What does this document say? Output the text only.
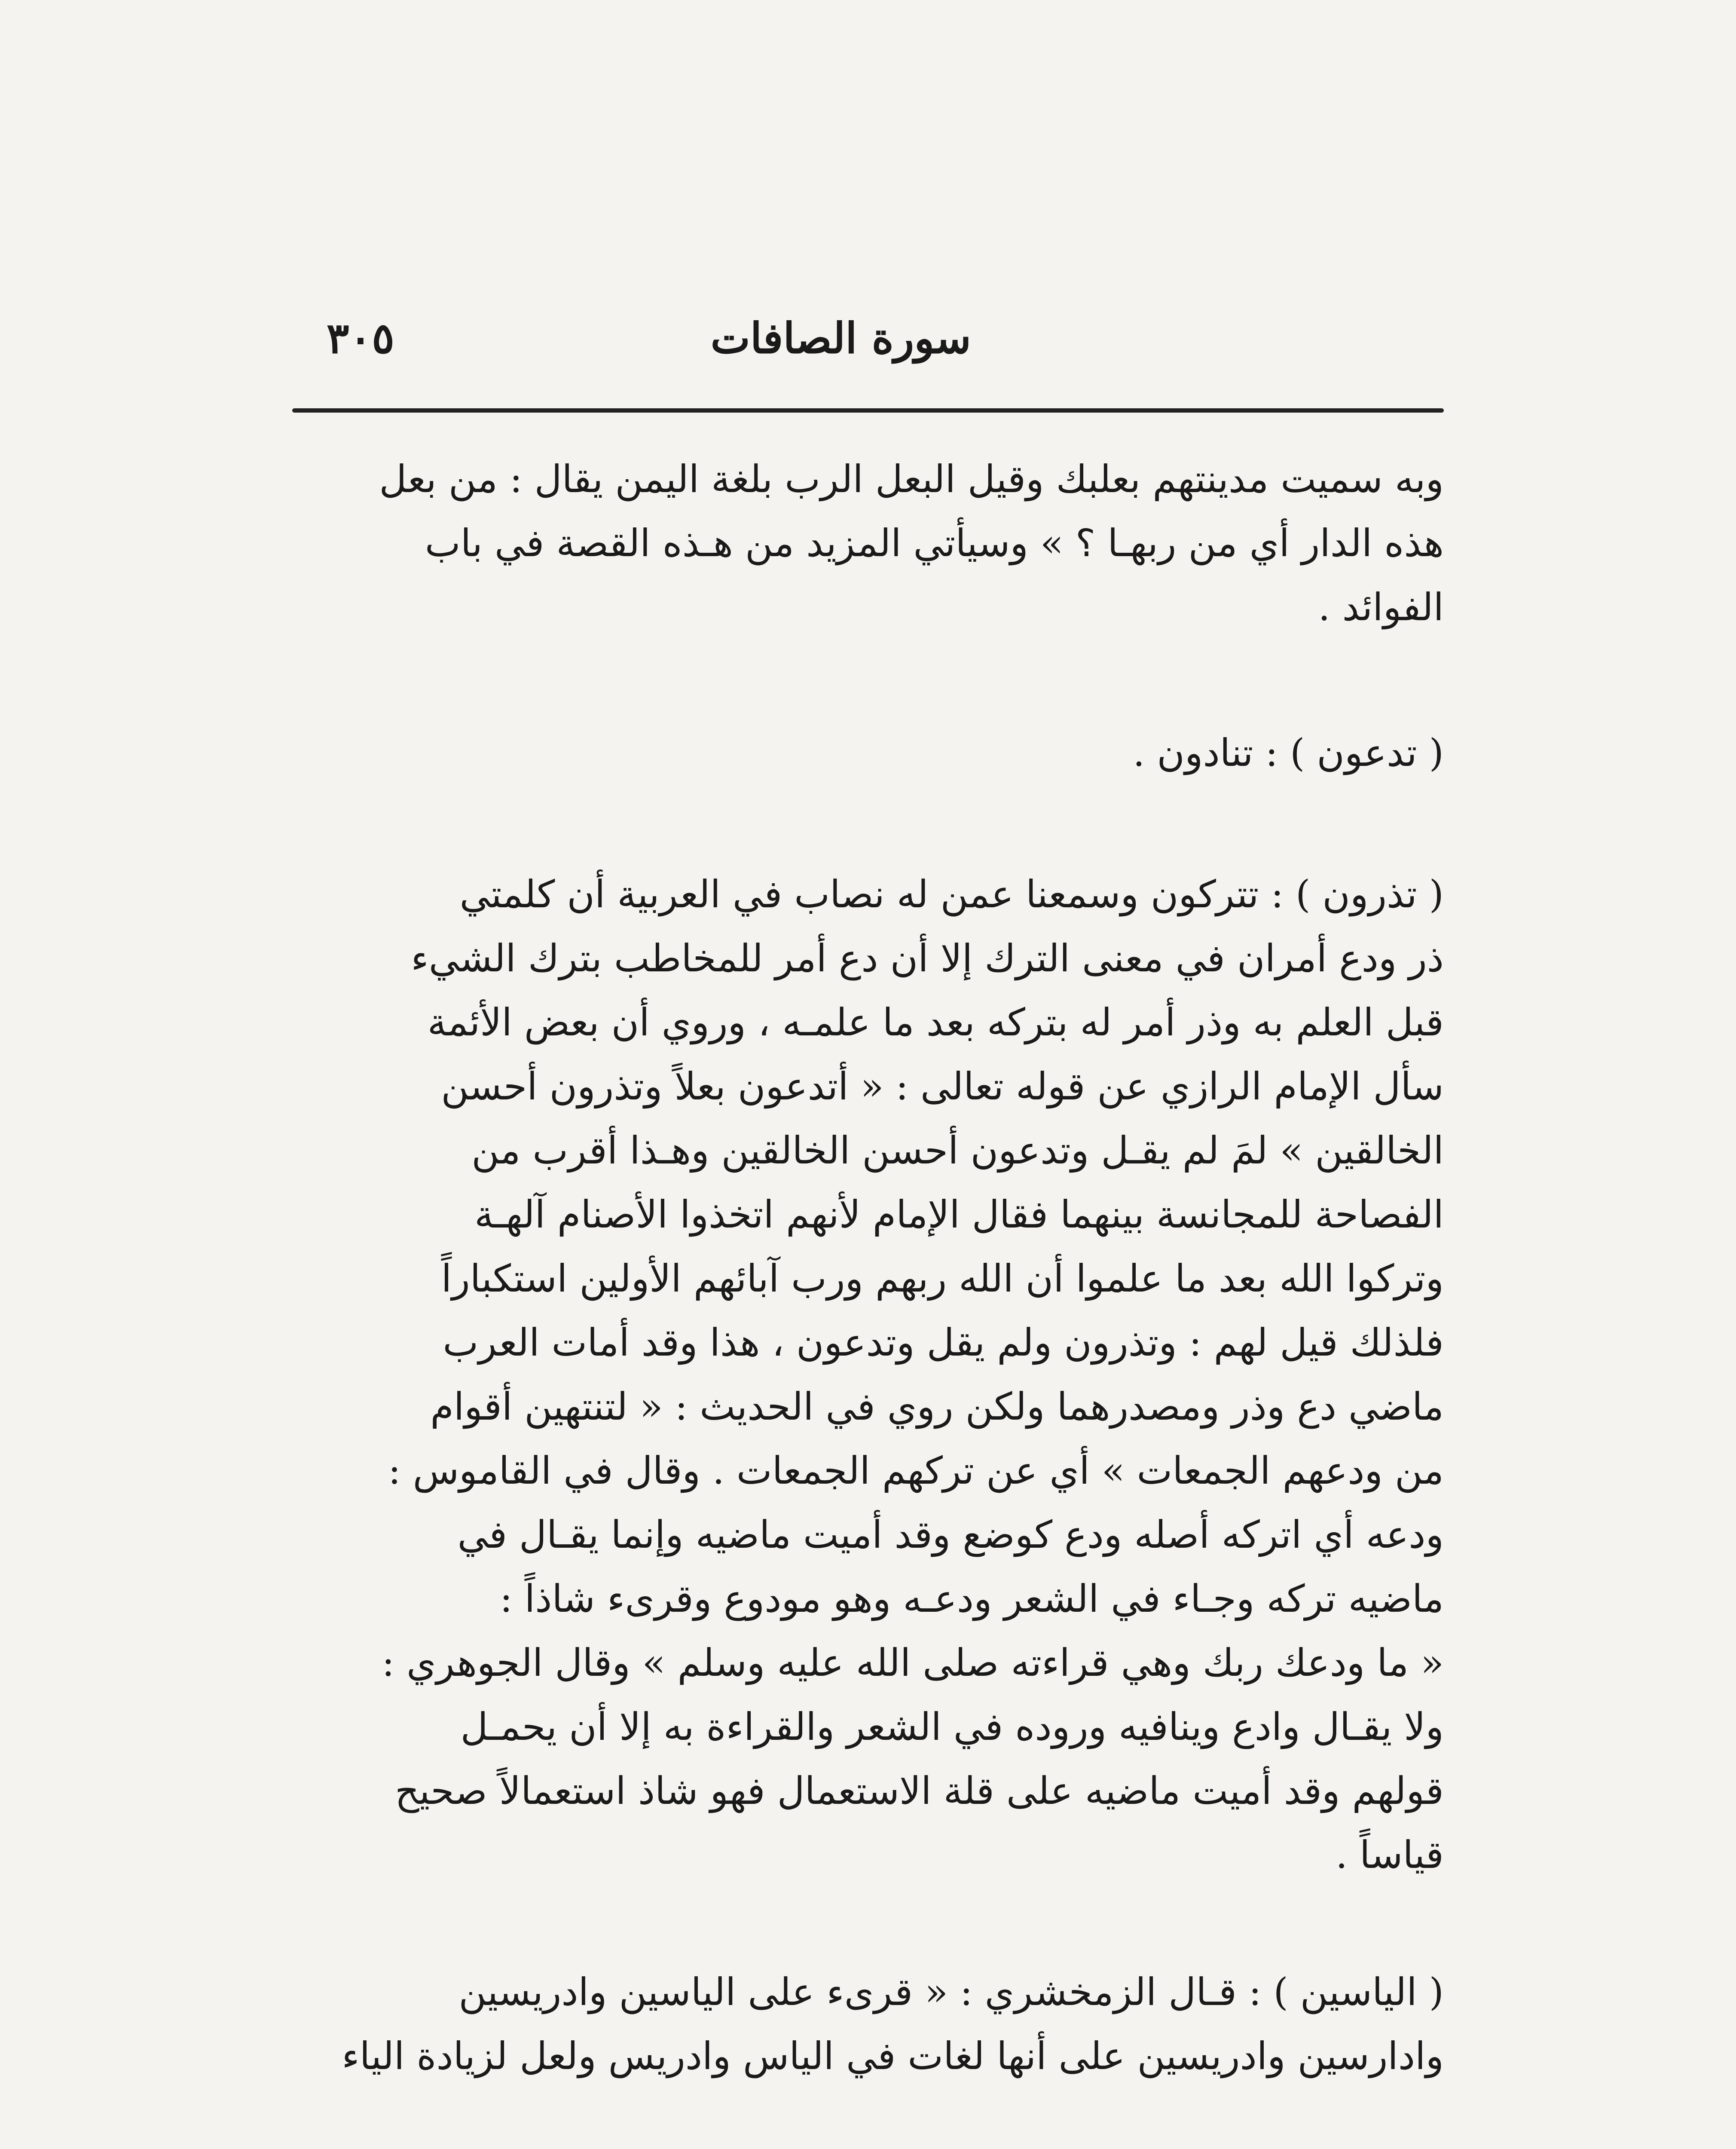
سورة الصافات
٣٠٥

وبه سميت مدينتهم بعلبك وقيل البعل الرب بلغة اليمن يقال : من بعل

هذه الدار أي من ربهـا ؟ » وسيأتي المزيد من هـذه القصة في باب

الفوائد .

( تدعون ) : تنادون .

( تذرون ) : تتركون وسمعنا عمن له نصاب في العربية أن كلمتي

ذر ودع أمران في معنى الترك إلا أن دع أمر للمخاطب بترك الشيء

قبل العلم به وذر أمر له بتركه بعد ما علمـه ، وروي أن بعض الأئمة

سأل الإمام الرازي عن قوله تعالى : « أتدعون بعلاً وتذرون أحسن

الخالقين » لمَ لم يقـل وتدعون أحسن الخالقين وهـذا أقرب من

الفصاحة للمجانسة بينهما فقال الإمام لأنهم اتخذوا الأصنام آلهـة

وتركوا الله بعد ما علموا أن الله ربهم ورب آبائهم الأولين استكباراً

فلذلك قيل لهم : وتذرون ولم يقل وتدعون ، هذا وقد أمات العرب

ماضي دع وذر ومصدرهما ولكن روي في الحديث : « لتنتهين أقوام

من ودعهم الجمعات » أي عن تركهم الجمعات . وقال في القاموس :

ودعه أي اتركه أصله ودع كوضع وقد أميت ماضيه وإنما يقـال في

ماضيه تركه وجـاء في الشعر ودعـه وهو مودوع وقرىء شاذاً :

« ما ودعك ربك وهي قراءته صلى الله عليه وسلم » وقال الجوهري :

ولا يقـال وادع وينافيه وروده في الشعر والقراءة به إلا أن يحمـل

قولهم وقد أميت ماضيه على قلة الاستعمال فهو شاذ استعمالاً صحيح

قياساً .

( الياسين ) : قـال الزمخشري : « قرىء على الياسين وادريسين

وادارسين وادريسين على أنها لغات في الياس وادريس ولعل لزيادة الياء
